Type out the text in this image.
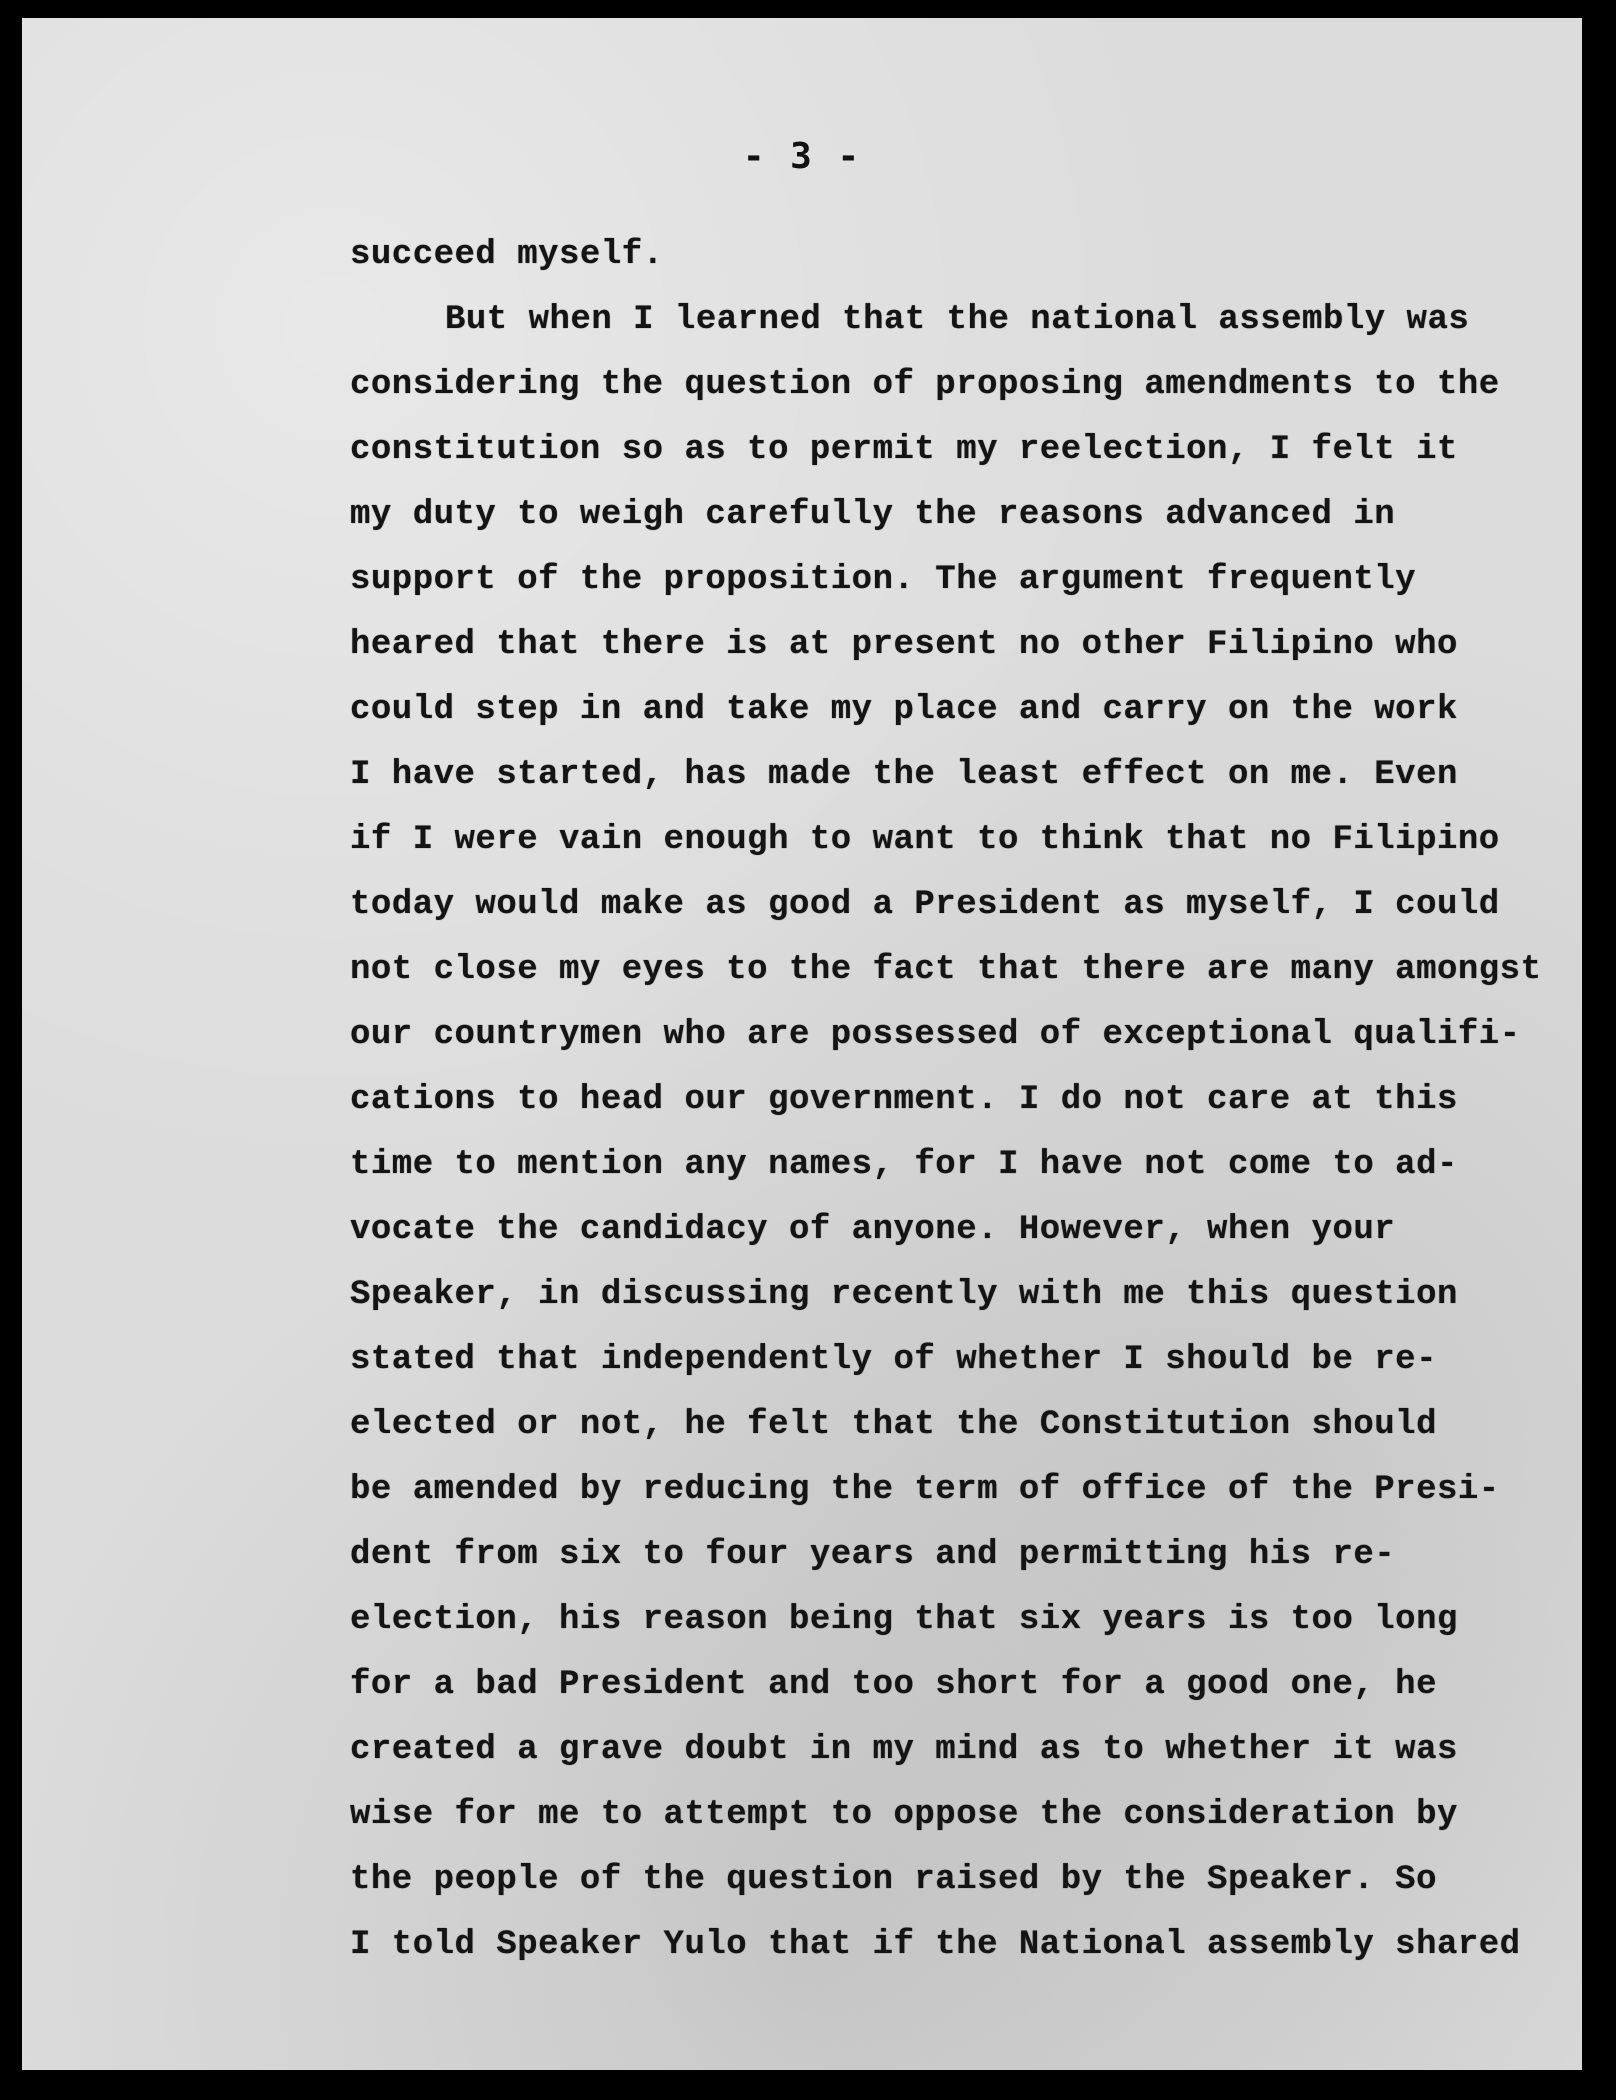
- 3 -
succeed myself.
But when I learned that the national assembly was
considering the question of proposing amendments to the
constitution so as to permit my reelection, I felt it
my duty to weigh carefully the reasons advanced in
support of the proposition. The argument frequently
heared that there is at present no other Filipino who
could step in and take my place and carry on the work
I have started, has made the least effect on me. Even
if I were vain enough to want to think that no Filipino
today would make as good a President as myself, I could
not close my eyes to the fact that there are many amongst
our countrymen who are possessed of exceptional qualifi-
cations to head our government. I do not care at this
time to mention any names, for I have not come to ad-
vocate the candidacy of anyone. However, when your
Speaker, in discussing recently with me this question
stated that independently of whether I should be re-
elected or not, he felt that the Constitution should
be amended by reducing the term of office of the Presi-
dent from six to four years and permitting his re-
election, his reason being that six years is too long
for a bad President and too short for a good one, he
created a grave doubt in my mind as to whether it was
wise for me to attempt to oppose the consideration by
the people of the question raised by the Speaker. So
I told Speaker Yulo that if the National assembly shared
